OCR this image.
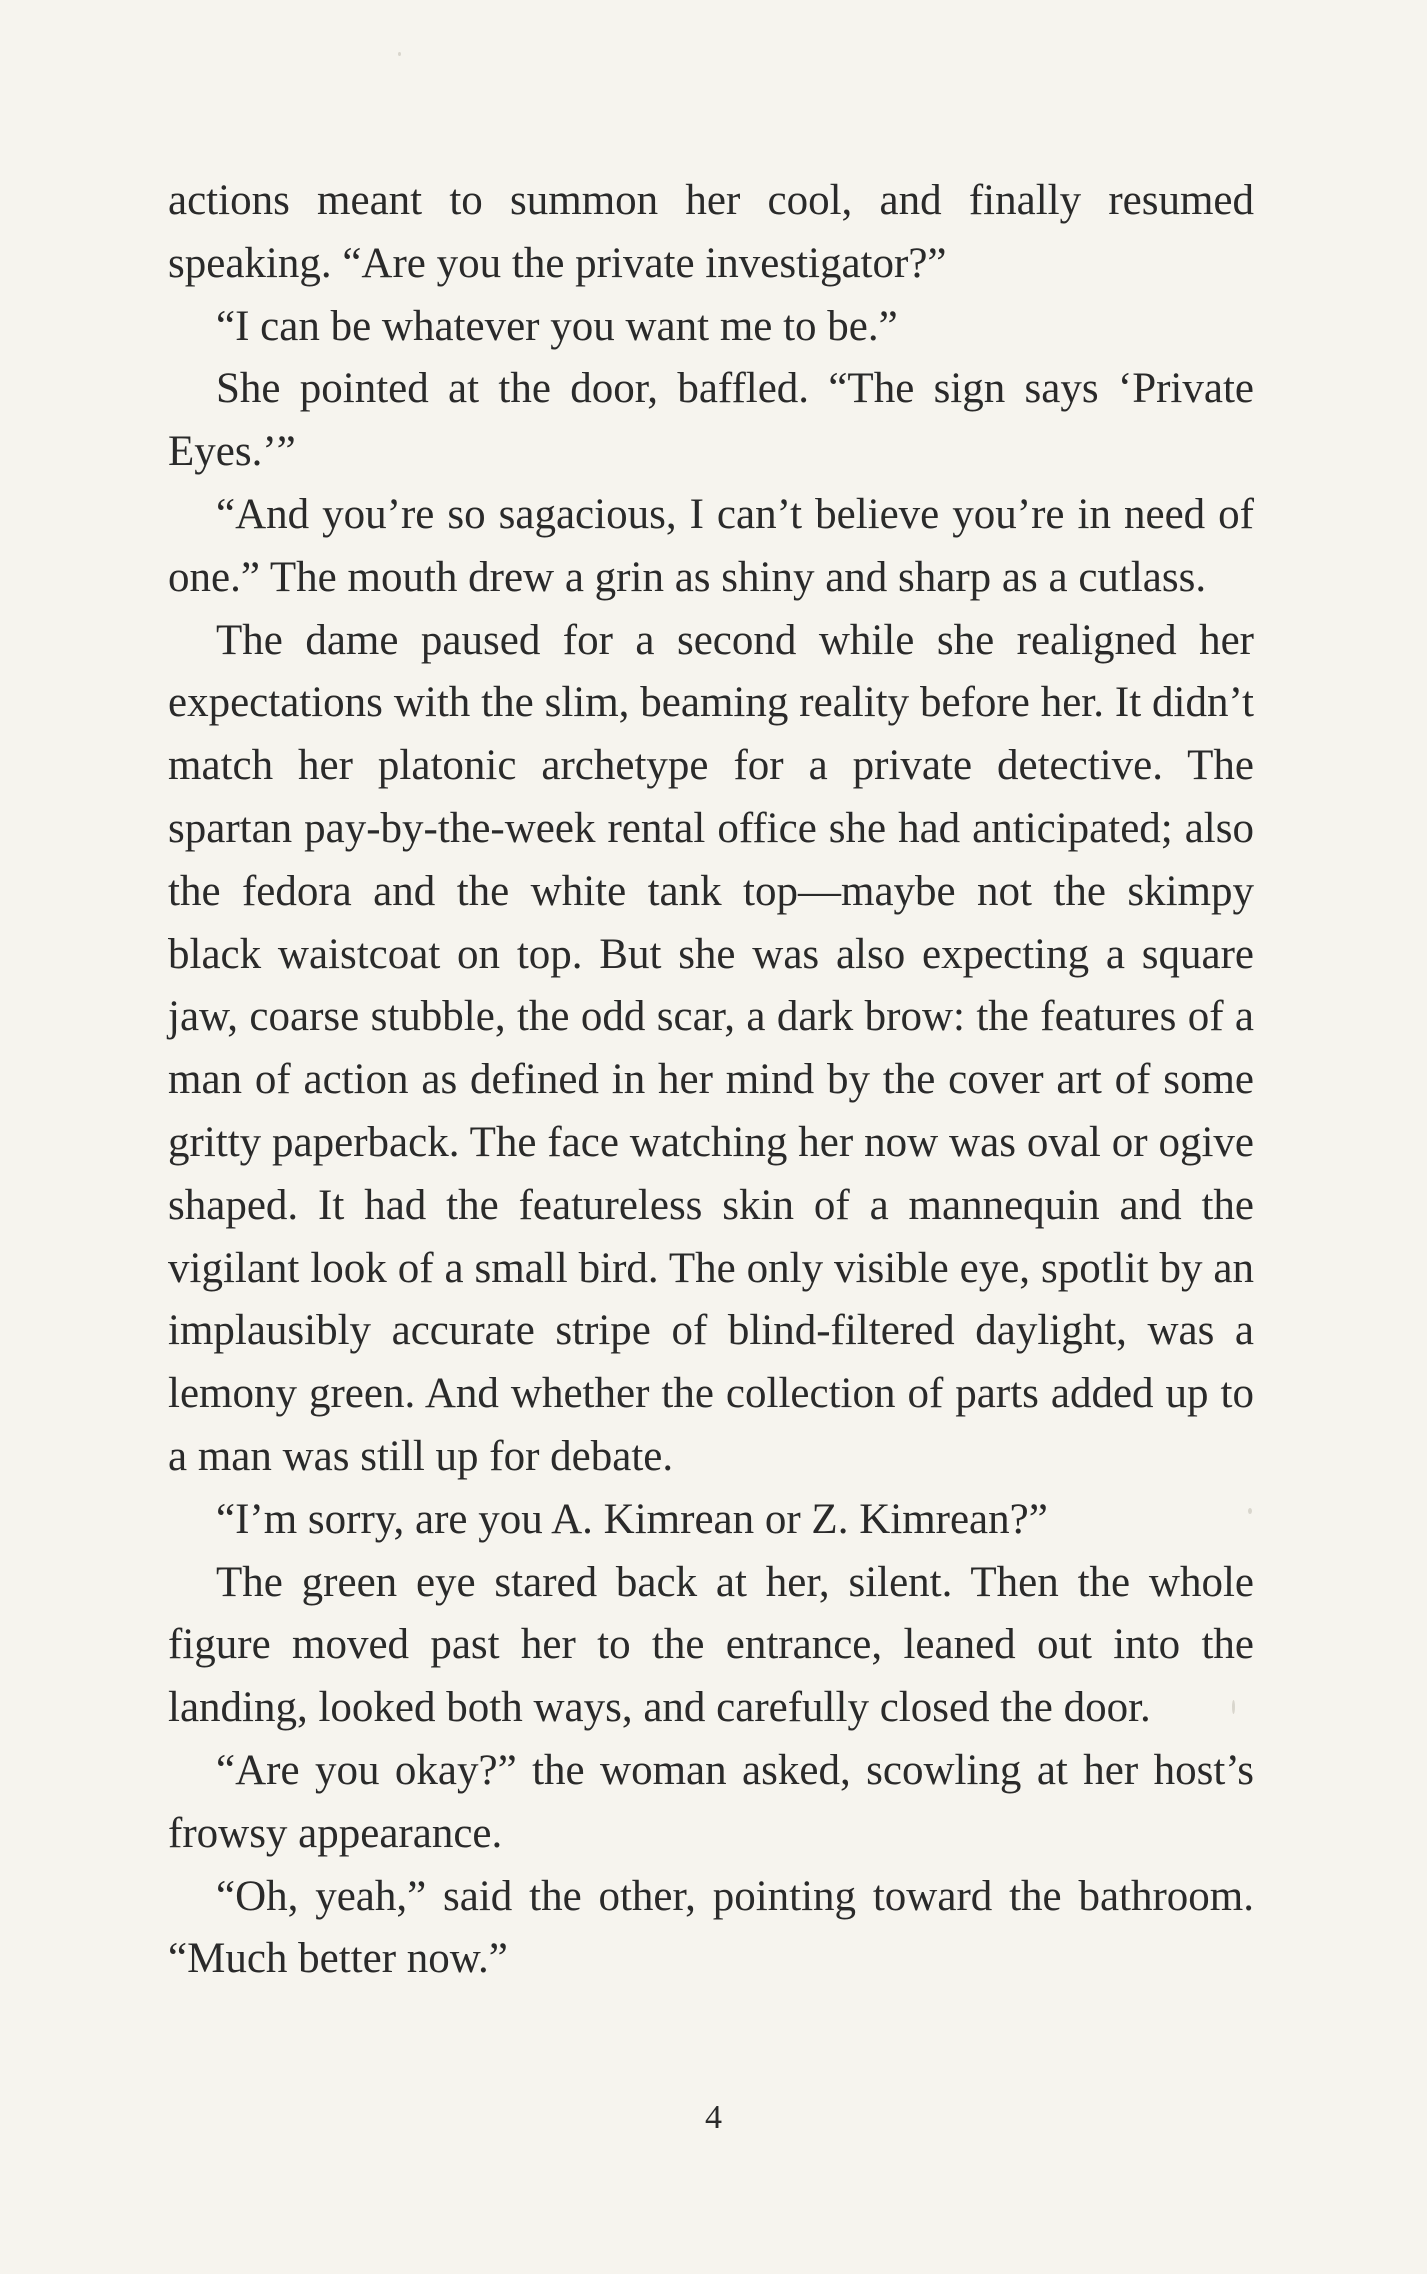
actions meant to summon her cool, and finally resumed speaking. “Are you the private investigator?”

“I can be whatever you want me to be.”

She pointed at the door, baffled. “The sign says ‘Private Eyes.’”

“And you’re so sagacious, I can’t believe you’re in need of one.” The mouth drew a grin as shiny and sharp as a cutlass.

The dame paused for a second while she realigned her expectations with the slim, beaming reality before her. It didn’t match her platonic archetype for a private detective. The spartan pay-by-the-week rental office she had anticipated; also the fedora and the white tank top—maybe not the skimpy black waistcoat on top. But she was also expecting a square jaw, coarse stubble, the odd scar, a dark brow: the features of a man of action as defined in her mind by the cover art of some gritty paperback. The face watching her now was oval or ogive shaped. It had the featureless skin of a mannequin and the vigilant look of a small bird. The only visible eye, spotlit by an implausibly accurate stripe of blind-filtered daylight, was a lemony green. And whether the collection of parts added up to a man was still up for debate.

“I’m sorry, are you A. Kimrean or Z. Kimrean?”

The green eye stared back at her, silent. Then the whole figure moved past her to the entrance, leaned out into the landing, looked both ways, and carefully closed the door.

“Are you okay?” the woman asked, scowling at her host’s frowsy appearance.

“Oh, yeah,” said the other, pointing toward the bathroom. “Much better now.”

4
